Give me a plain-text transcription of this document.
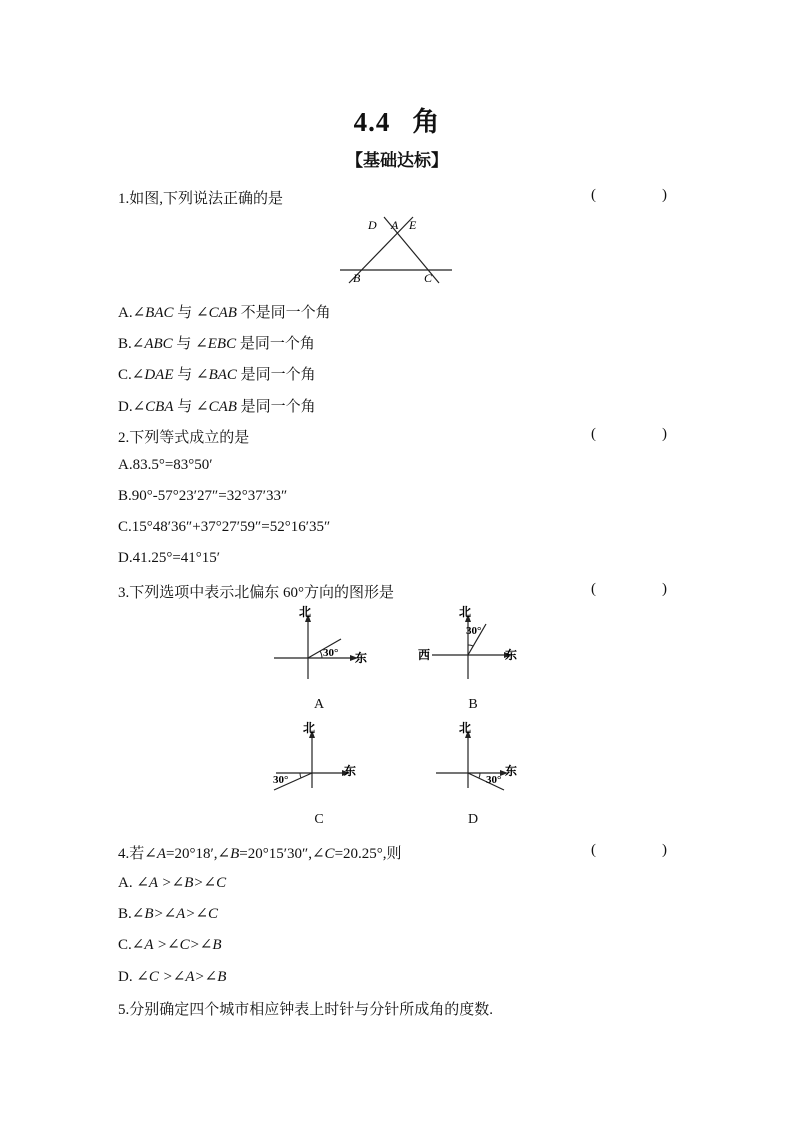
4.4 角
【基础达标】
1.如图,下列说法正确的是	(	)
D A E
B	C
A.∠BAC 与 ∠CAB 不是同一个角
B.∠ABC 与 ∠EBC 是同一个角
C.∠DAE 与 ∠BAC 是同一个角
D.∠CBA 与 ∠CAB 是同一个角
2.下列等式成立的是	(	)
A.83.5°=83°50′
B.90°-57°23′27″=32°37′33″
C.15°48′36″+37°27′59″=52°16′35″
D.41.25°=41°15′
3.下列选项中表示北偏东 60°方向的图形是	(	)
北
东
30°
A
北
西	东
30°
B
北
东
30°
C
北
东
30°
D
4.若∠A=20°18′,∠B=20°15′30″,∠C=20.25°,则	(	)
A. ∠A >∠B>∠C
B.∠B>∠A>∠C
C.∠A >∠C>∠B
D. ∠C >∠A>∠B
5.分别确定四个城市相应钟表上时针与分针所成角的度数.
